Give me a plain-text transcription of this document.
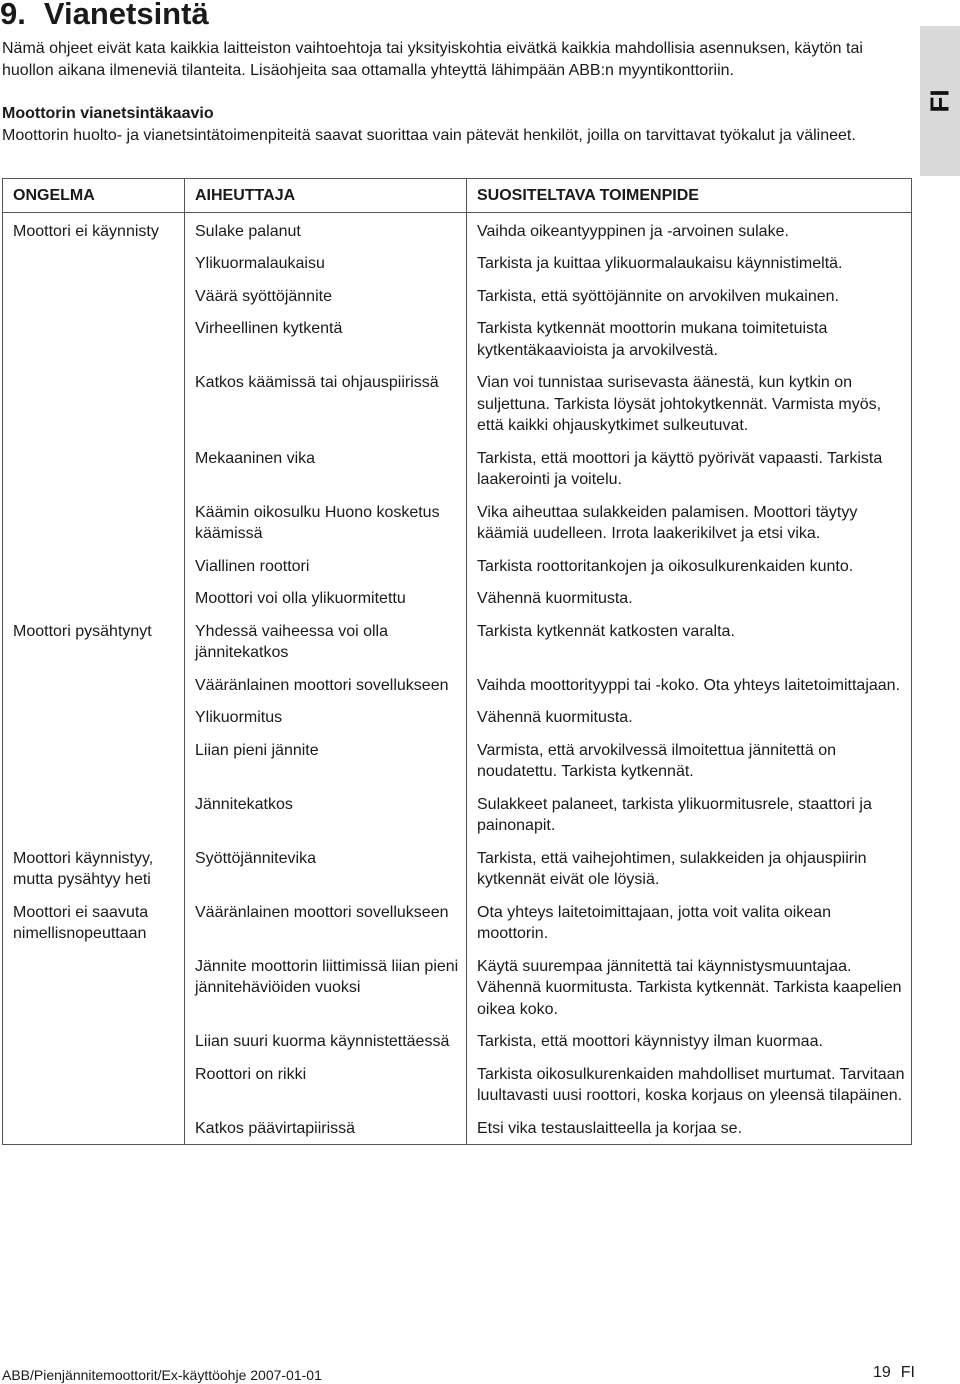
9. Vianetsintä

Nämä ohjeet eivät kata kaikkia laitteiston vaihtoehtoja tai yksityiskohtia eivätkä kaikkia mahdollisia asennuksen, käytön tai huollon aikana ilmeneviä tilanteita. Lisäohjeita saa ottamalla yhteyttä lähimpään ABB:n myyntikonttoriin.

Moottorin vianetsintäkaavio

Moottorin huolto- ja vianetsintätoimenpiteitä saavat suorittaa vain pätevät henkilöt, joilla on tarvittavat työkalut ja välineet.

FI
ONGELMA	AIHEUTTAJA	SUOSITELTAVA TOIMENPIDE
Moottori ei käynnisty	Sulake palanut	Vaihda oikeantyyppinen ja -arvoinen sulake.
	Ylikuormalaukaisu	Tarkista ja kuittaa ylikuormalaukaisu käynnistimeltä.
	Väärä syöttöjännite	Tarkista, että syöttöjännite on arvokilven mukainen.
	Virheellinen kytkentä	Tarkista kytkennät moottorin mukana toimitetuista kytkentäkaavioista ja arvokilvestä.
	Katkos käämissä tai ohjauspiirissä	Vian voi tunnistaa surisevasta äänestä, kun kytkin on suljettuna. Tarkista löysät johtokytkennät. Varmista myös, että kaikki ohjauskytkimet sulkeutuvat.
	Mekaaninen vika	Tarkista, että moottori ja käyttö pyörivät vapaasti. Tarkista laakerointi ja voitelu.
	Käämin oikosulku Huono kosketus käämissä	Vika aiheuttaa sulakkeiden palamisen. Moottori täytyy käämiä uudelleen. Irrota laakerikilvet ja etsi vika.
	Viallinen roottori	Tarkista roottoritankojen ja oikosulkurenkaiden kunto.
	Moottori voi olla ylikuormitettu	Vähennä kuormitusta.
Moottori pysähtynyt	Yhdessä vaiheessa voi olla jännitekatkos	Tarkista kytkennät katkosten varalta.
	Vääränlainen moottori sovellukseen	Vaihda moottorityyppi tai -koko. Ota yhteys laitetoimittajaan.
	Ylikuormitus	Vähennä kuormitusta.
	Liian pieni jännite	Varmista, että arvokilvessä ilmoitettua jännitettä on noudatettu. Tarkista kytkennät.
	Jännitekatkos	Sulakkeet palaneet, tarkista ylikuormitusrele, staattori ja painonapit.
Moottori käynnistyy, mutta pysähtyy heti	Syöttöjännitevika	Tarkista, että vaihejohtimen, sulakkeiden ja ohjauspiirin kytkennät eivät ole löysiä.
Moottori ei saavuta nimellisnopeuttaan	Vääränlainen moottori sovellukseen	Ota yhteys laitetoimittajaan, jotta voit valita oikean moottorin.
	Jännite moottorin liittimissä liian pieni jännitehäviöiden vuoksi	Käytä suurempaa jännitettä tai käynnistysmuuntajaa. Vähennä kuormitusta. Tarkista kytkennät. Tarkista kaapelien oikea koko.
	Liian suuri kuorma käynnistettäessä	Tarkista, että moottori käynnistyy ilman kuormaa.
	Roottori on rikki	Tarkista oikosulkurenkaiden mahdolliset murtumat. Tarvitaan luultavasti uusi roottori, koska korjaus on yleensä tilapäinen.
	Katkos päävirtapiirissä	Etsi vika testauslaitteella ja korjaa se.
ABB/Pienjännitemoottorit/Ex-käyttöohje 2007-01-01	19 FI
